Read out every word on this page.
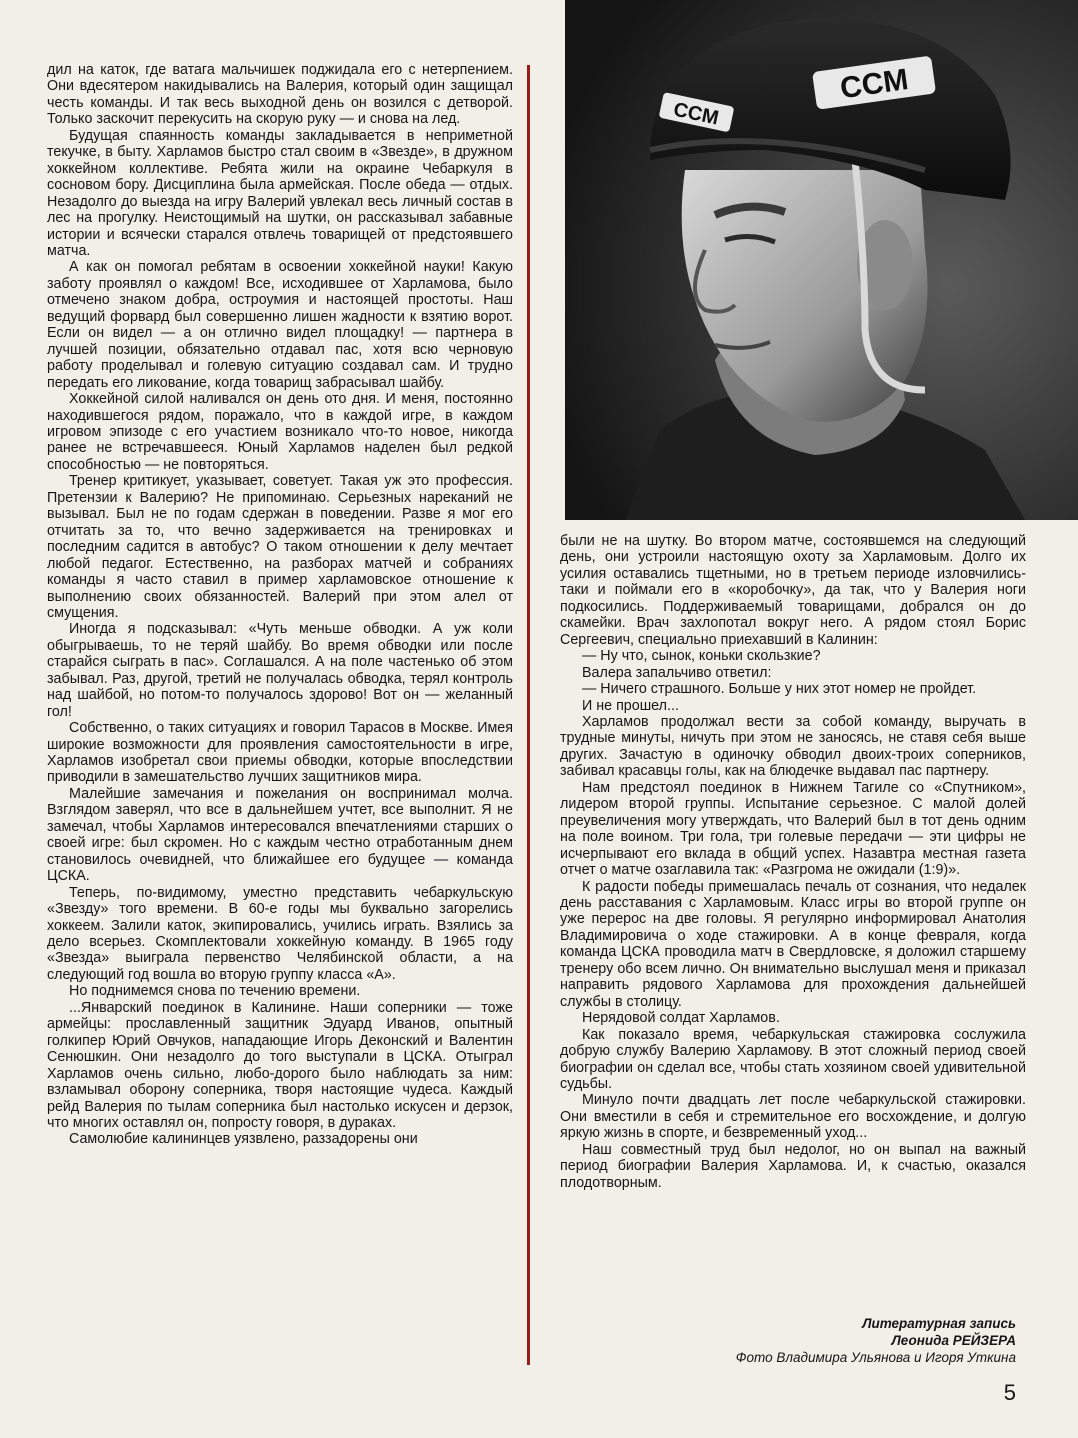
дил на каток, где ватага мальчишек поджидала его с нетерпением. Они вдесятером накидывались на Валерия, который один защищал честь команды. И так весь выходной день он возился с детворой. Только заскочит перекусить на скорую руку — и снова на лед.

Будущая спаянность команды закладывается в неприметной текучке, в быту. Харламов быстро стал своим в «Звезде», в дружном хоккейном коллективе. Ребята жили на окраине Чебаркуля в сосновом бору. Дисциплина была армейская. После обеда — отдых. Незадолго до выезда на игру Валерий увлекал весь личный состав в лес на прогулку. Неистощимый на шутки, он рассказывал забавные истории и всячески старался отвлечь товарищей от предстоявшего матча.

А как он помогал ребятам в освоении хоккейной науки! Какую заботу проявлял о каждом! Все, исходившее от Харламова, было отмечено знаком добра, остроумия и настоящей простоты. Наш ведущий форвард был совершенно лишен жадности к взятию ворот. Если он видел — а он отлично видел площадку! — партнера в лучшей позиции, обязательно отдавал пас, хотя всю черновую работу проделывал и голевую ситуацию создавал сам. И трудно передать его ликование, когда товарищ забрасывал шайбу.

Хоккейной силой наливался он день ото дня. И меня, постоянно находившегося рядом, поражало, что в каждой игре, в каждом игровом эпизоде с его участием возникало что-то новое, никогда ранее не встречавшееся. Юный Харламов наделен был редкой способностью — не повторяться.

Тренер критикует, указывает, советует. Такая уж это профессия. Претензии к Валерию? Не припоминаю. Серьезных нареканий не вызывал. Был не по годам сдержан в поведении. Разве я мог его отчитать за то, что вечно задерживается на тренировках и последним садится в автобус? О таком отношении к делу мечтает любой педагог. Естественно, на разборах матчей и собраниях команды я часто ставил в пример харламовское отношение к выполнению своих обязанностей. Валерий при этом алел от смущения.

Иногда я подсказывал: «Чуть меньше обводки. А уж коли обыгрываешь, то не теряй шайбу. Во время обводки или после старайся сыграть в пас». Соглашался. А на поле частенько об этом забывал. Раз, другой, третий не получалась обводка, терял контроль над шайбой, но потом-то получалось здорово! Вот он — желанный гол!

Собственно, о таких ситуациях и говорил Тарасов в Москве. Имея широкие возможности для проявления самостоятельности в игре, Харламов изобретал свои приемы обводки, которые впоследствии приводили в замешательство лучших защитников мира.

Малейшие замечания и пожелания он воспринимал молча. Взглядом заверял, что все в дальнейшем учтет, все выполнит. Я не замечал, чтобы Харламов интересовался впечатлениями старших о своей игре: был скромен. Но с каждым честно отработанным днем становилось очевидней, что ближайшее его будущее — команда ЦСКА.

Теперь, по-видимому, уместно представить чебаркульскую «Звезду» того времени. В 60-е годы мы буквально загорелись хоккеем. Залили каток, экипировались, учились играть. Взялись за дело всерьез. Скомплектовали хоккейную команду. В 1965 году «Звезда» выиграла первенство Челябинской области, а на следующий год вошла во вторую группу класса «А».

Но поднимемся снова по течению времени.

...Январский поединок в Калинине. Наши соперники — тоже армейцы: прославленный защитник Эдуард Иванов, опытный голкипер Юрий Овчуков, нападающие Игорь Деконский и Валентин Сенюшкин. Они незадолго до того выступали в ЦСКА. Отыграл Харламов очень сильно, любо-дорого было наблюдать за ним: взламывал оборону соперника, творя настоящие чудеса. Каждый рейд Валерия по тылам соперника был настолько искусен и дерзок, что многих оставлял он, попросту говоря, в дураках.

Самолюбие калининцев уязвлено, раззадорены они

CCM
CCM

были не на шутку. Во втором матче, состоявшемся на следующий день, они устроили настоящую охоту за Харламовым. Долго их усилия оставались тщетными, но в третьем периоде изловчились-таки и поймали его в «коробочку», да так, что у Валерия ноги подкосились. Поддерживаемый товарищами, добрался он до скамейки. Врач захлопотал вокруг него. А рядом стоял Борис Сергеевич, специально приехавший в Калинин:

— Ну что, сынок, коньки скользкие?

Валера запальчиво ответил:

— Ничего страшного. Больше у них этот номер не пройдет.

И не прошел...

Харламов продолжал вести за собой команду, выручать в трудные минуты, ничуть при этом не заносясь, не ставя себя выше других. Зачастую в одиночку обводил двоих-троих соперников, забивал красавцы голы, как на блюдечке выдавал пас партнеру.

Нам предстоял поединок в Нижнем Тагиле со «Спутником», лидером второй группы. Испытание серьезное. С малой долей преувеличения могу утверждать, что Валерий был в тот день одним на поле воином. Три гола, три голевые передачи — эти цифры не исчерпывают его вклада в общий успех. Назавтра местная газета отчет о матче озаглавила так: «Разгрома не ожидали (1:9)».

К радости победы примешалась печаль от сознания, что недалек день расставания с Харламовым. Класс игры во второй группе он уже перерос на две головы. Я регулярно информировал Анатолия Владимировича о ходе стажировки. А в конце февраля, когда команда ЦСКА проводила матч в Свердловске, я доложил старшему тренеру обо всем лично. Он внимательно выслушал меня и приказал направить рядового Харламова для прохождения дальнейшей службы в столицу.

Нерядовой солдат Харламов.

Как показало время, чебаркульская стажировка сослужила добрую службу Валерию Харламову. В этот сложный период своей биографии он сделал все, чтобы стать хозяином своей удивительной судьбы.

Минуло почти двадцать лет после чебаркульской стажировки. Они вместили в себя и стремительное его восхождение, и долгую яркую жизнь в спорте, и безвременный уход...

Наш совместный труд был недолог, но он выпал на важный период биографии Валерия Харламова. И, к счастью, оказался плодотворным.

Литературная запись
Леонида РЕЙЗЕРА
Фото Владимира Ульянова и Игоря Уткина
5
